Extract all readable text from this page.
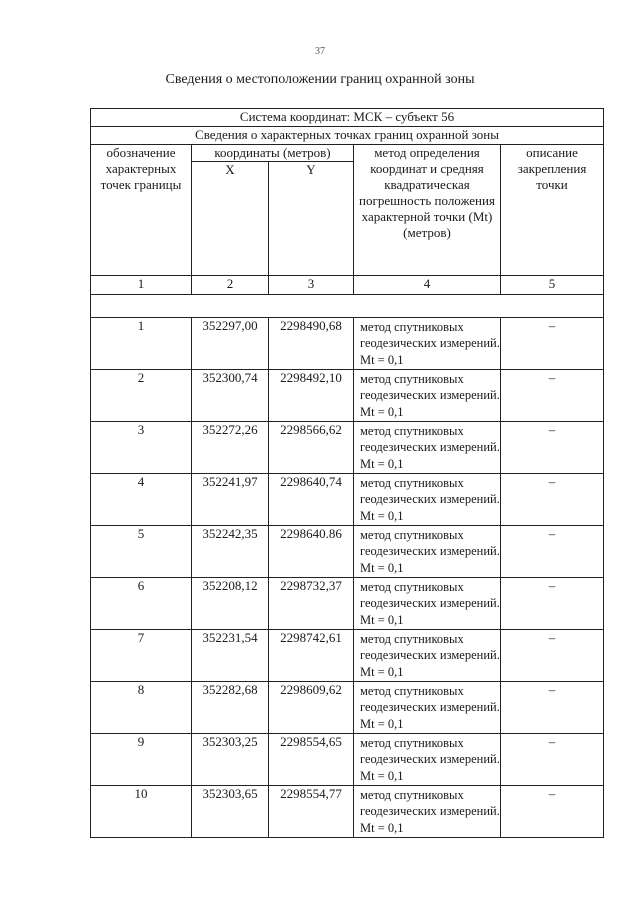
37
Сведения о местоположении границ охранной зоны
Система координат: МСК – субъект 56				
Сведения о характерных точках границ охранной зоны				
обозначение характерных точек границы	координаты (метров)		метод определения координат и средняя квадратическая погрешность положения характерной точки (Mt) (метров)	описание закрепления точки
	X	Y		
1	2	3	4	5

1	352297,00	2298490,68	метод спутниковых геодезических измерений. Mt = 0,1	–
2	352300,74	2298492,10	метод спутниковых геодезических измерений. Mt = 0,1	–
3	352272,26	2298566,62	метод спутниковых геодезических измерений. Mt = 0,1	–
4	352241,97	2298640,74	метод спутниковых геодезических измерений. Mt = 0,1	–
5	352242,35	2298640.86	метод спутниковых геодезических измерений. Mt = 0,1	–
6	352208,12	2298732,37	метод спутниковых геодезических измерений. Mt = 0,1	–
7	352231,54	2298742,61	метод спутниковых геодезических измерений. Mt = 0,1	–
8	352282,68	2298609,62	метод спутниковых геодезических измерений. Mt = 0,1	–
9	352303,25	2298554,65	метод спутниковых геодезических измерений. Mt = 0,1	–
10	352303,65	2298554,77	метод спутниковых геодезических измерений. Mt = 0,1	–
